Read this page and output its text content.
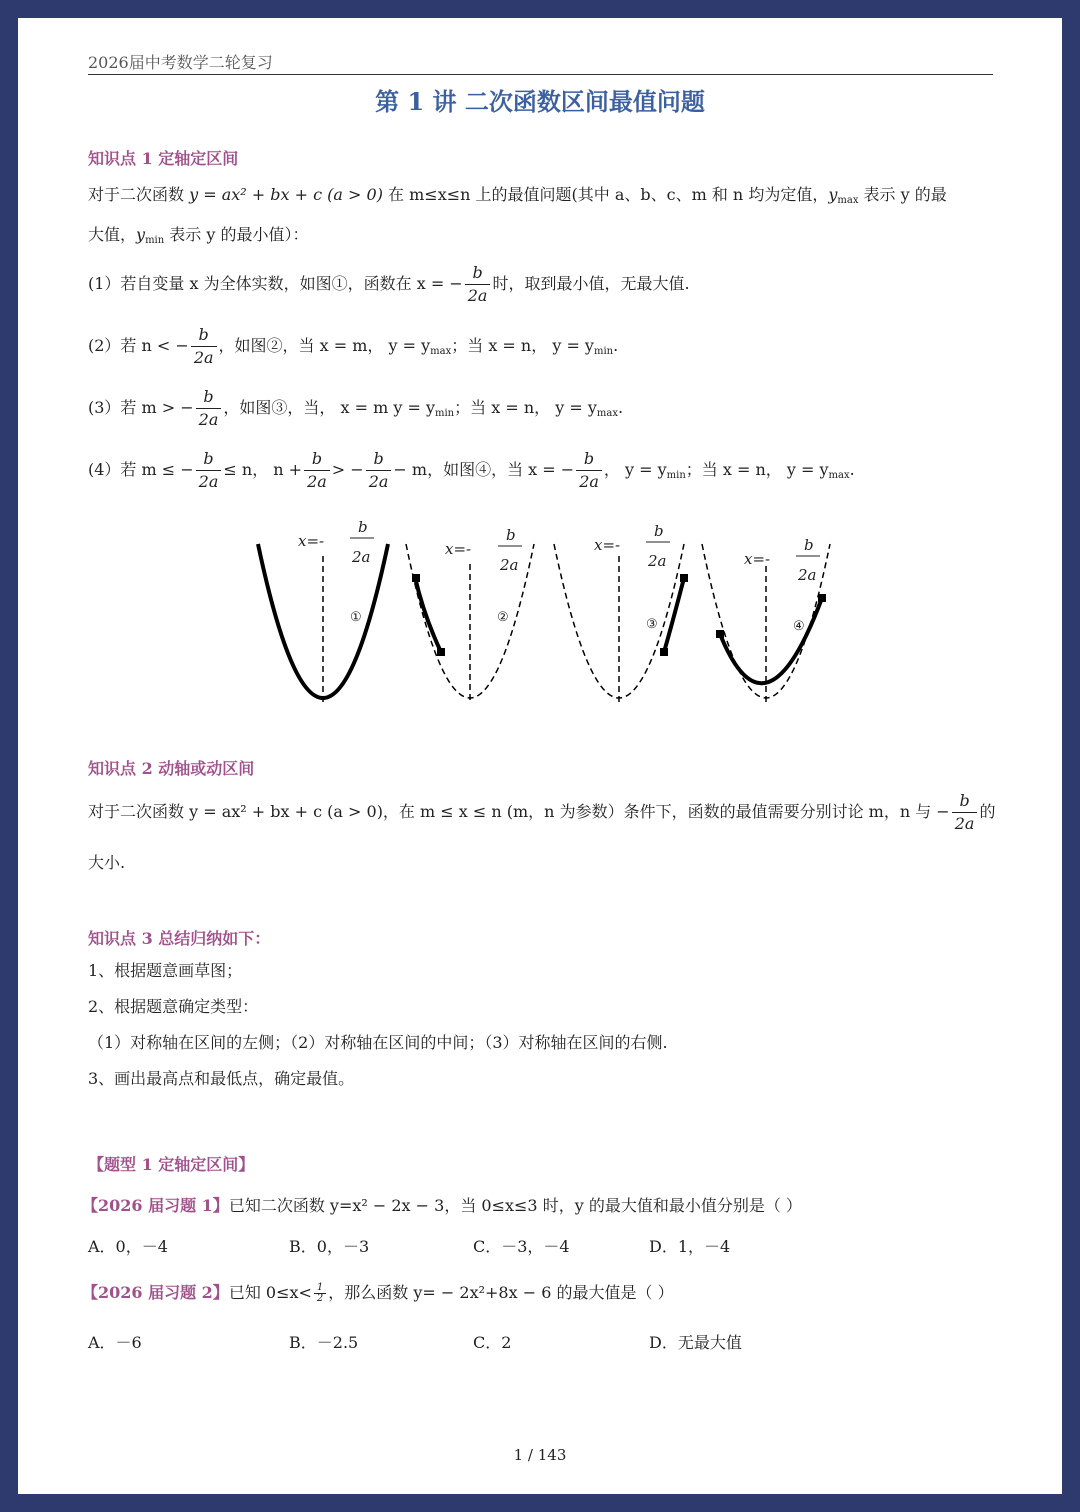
2026届中考数学二轮复习
第 1 讲 二次函数区间最值问题
知识点 1 定轴定区间
对于二次函数 y = ax² + bx + c (a > 0) 在 m≤x≤n 上的最值问题(其中 a、b、c、m 和 n 均为定值，$y_{max}$ 表示 y 的最
大值，$y_{min}$ 表示 y 的最小值）：
(1）若自变量 x 为全体实数，如图①，函数在 x = − $\frac{b}{2a}$ 时，取到最小值，无最大值.
(2）若 n < − $\frac{b}{2a}$ ，如图②，当 x = m， $y = y_{max}$；当 x = n， $y = y_{min}$.
(3）若 m > − $\frac{b}{2a}$ ，如图③，当， x = m $y = y_{min}$；当 x = n， $y = y_{max}$.
(4）若 m ≤ − $\frac{b}{2a} \le n$， $n + \frac{b}{2a}$ > − $\frac{b}{2a} - m$，如图④，当 x = − $\frac{b}{2a}$ ， $y = y_{min}$；当 x = n， $y = y_{max}$.
x=-
b
2a	x=-
b
2a
x=-
b
2a	x=-
b
2a
①	②	③	④
知识点 2 动轴或动区间
对于二次函数 y = ax² + bx + c (a > 0)，在 m ≤ x ≤ n (m，n 为参数）条件下，函数的最值需要分别讨论 m，n 与 − $\frac{b}{2a}$ 的
大小.
知识点 3 总结归纳如下：
1、根据题意画草图；
2、根据题意确定类型：
（1）对称轴在区间的左侧；（2）对称轴在区间的中间；（3）对称轴在区间的右侧.
3、画出最高点和最低点，确定最值。
【题型 1 定轴定区间】
【2026 届习题 1】已知二次函数 y=x² − 2x − 3，当 0≤x≤3 时，y 的最大值和最小值分别是（ ）
A．0，－4	B．0，－3	C．－3，－4	D．1，－4
【2026 届习题 2】已知 $0\le x< \frac{1}{2}$ ，那么函数 y= − 2x²+8x − 6 的最大值是（ ）
A．－6	B．－2.5	C．2	D．无最大值
1 / 143
